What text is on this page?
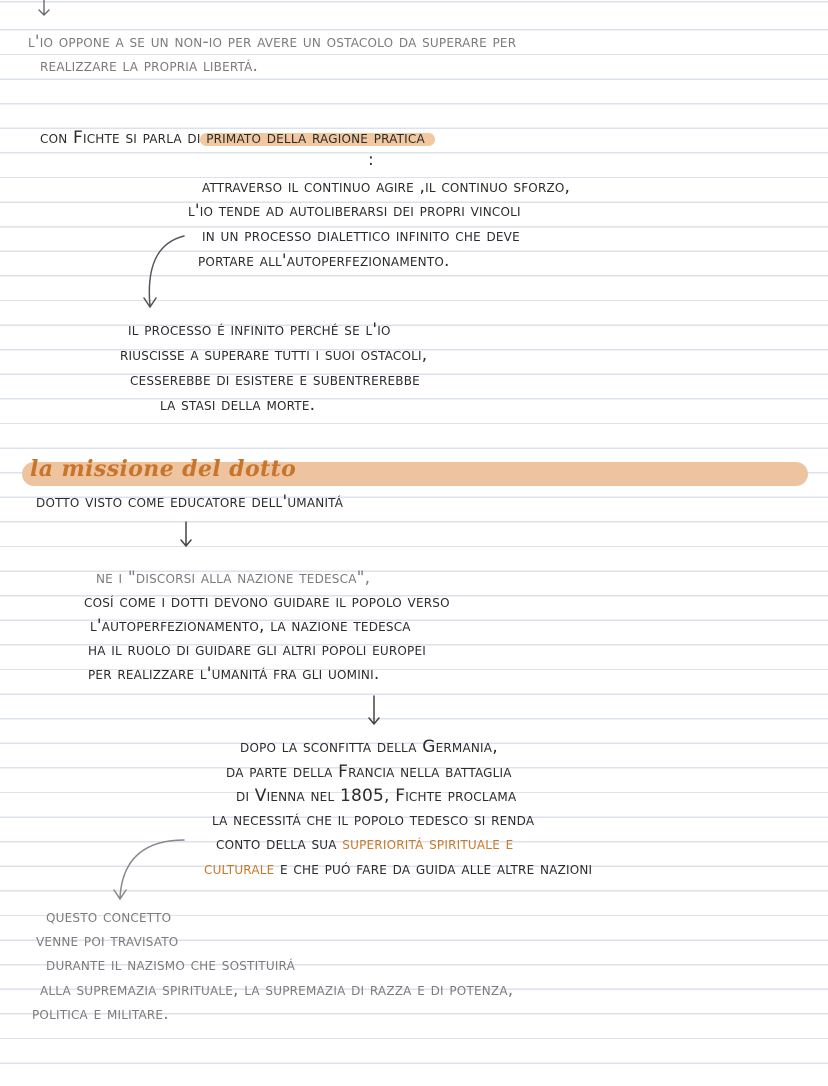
l'io oppone a se un non-io per avere un ostacolo da superare per
realizzare la propria libertá.
con Fichte si parla di primato della ragione pratica
:
attraverso il continuo agire ,il continuo sforzo,
l'io tende ad autoliberarsi dei propri vincoli
in un processo dialettico infinito che deve
portare all'autoperfezionamento.
il processo é infinito perché se l'io
riuscisse a superare tutti i suoi ostacoli,
cesserebbe di esistere e subentrerebbe
la stasi della morte.
la missione del dotto
dotto visto come educatore dell'umanitá
ne i "discorsi alla nazione tedesca",
cosí come i dotti devono guidare il popolo verso
l'autoperfezionamento, la nazione tedesca
ha il ruolo di guidare gli altri popoli europei
per realizzare l'umanitá fra gli uomini.
dopo la sconfitta della Germania,
da parte della Francia nella battaglia
di Vienna nel 1805, Fichte proclama
la necessitá che il popolo tedesco si renda
conto della sua superioritá spirituale e
culturale e che puó fare da guida alle altre nazioni
questo concetto
venne poi travisato
durante il nazismo che sostituirá
alla supremazia spirituale, la supremazia di razza e di potenza,
politica e militare.
